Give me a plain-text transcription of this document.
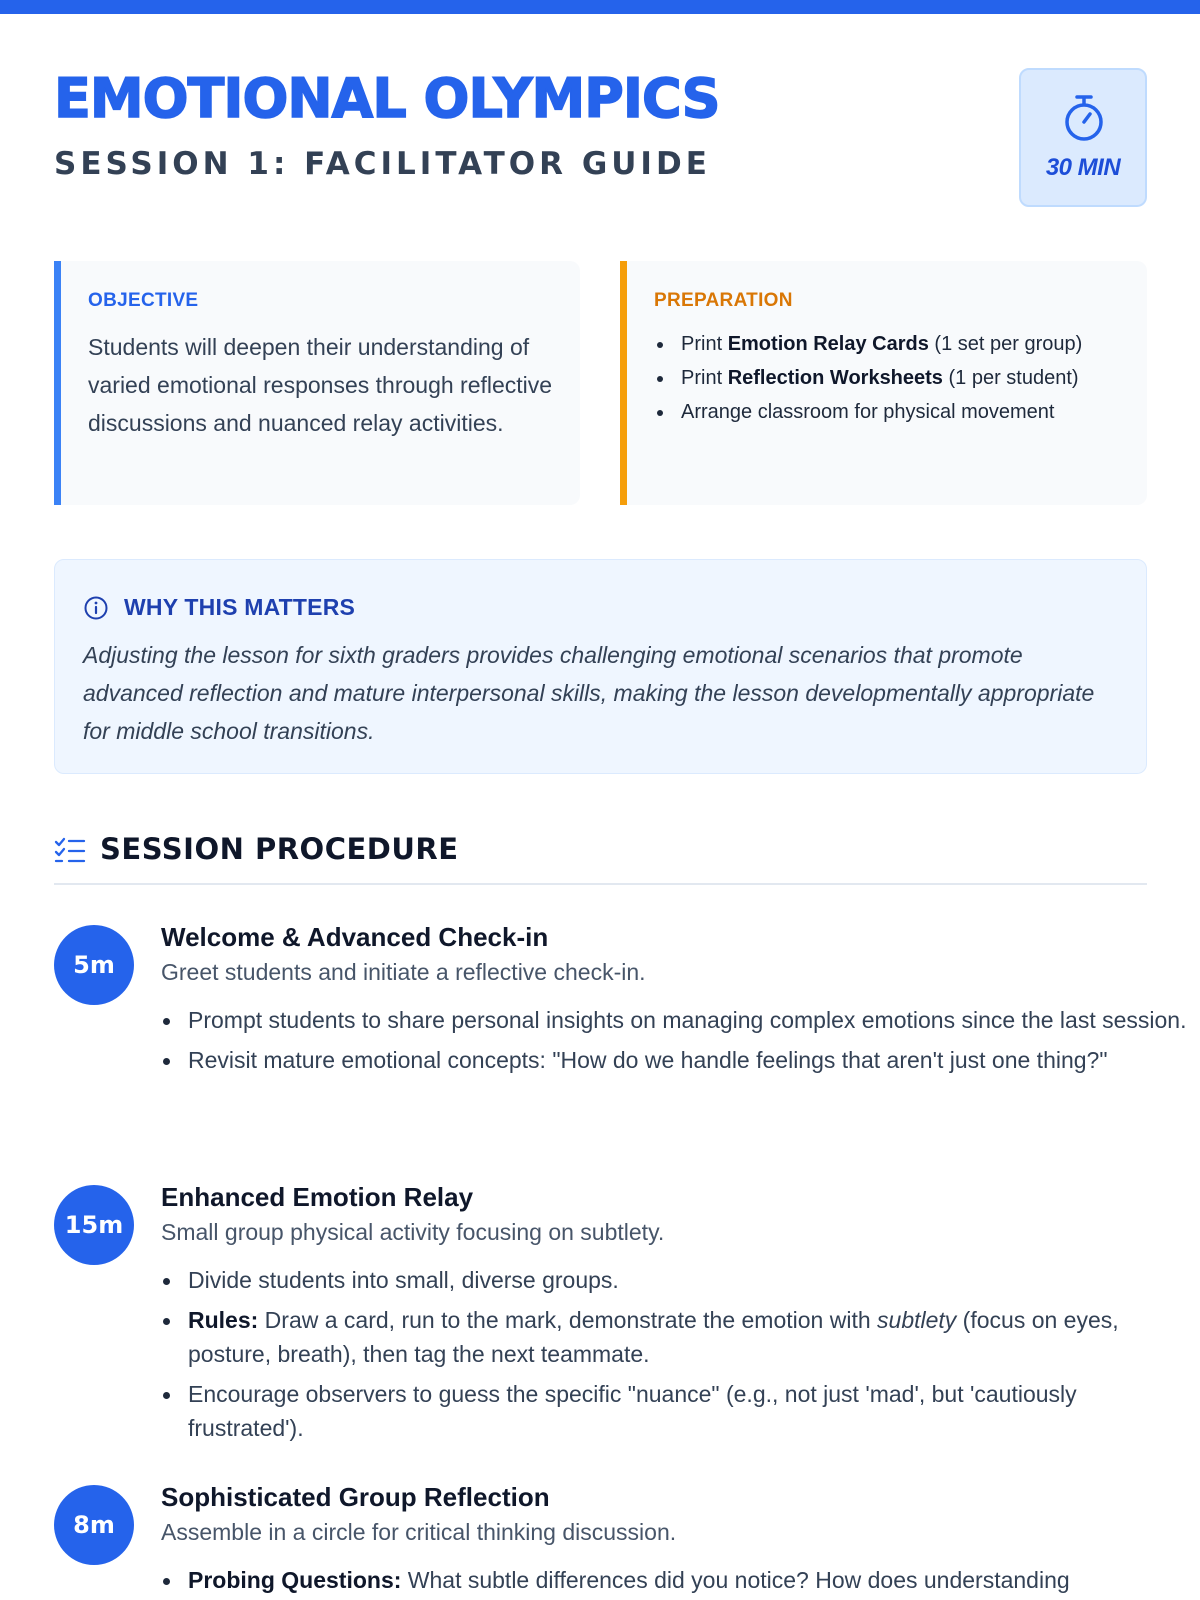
EMOTIONAL OLYMPICS
SESSION 1: FACILITATOR GUIDE	30 MIN
OBJECTIVE

Students will deepen their understanding of varied emotional responses through reflective discussions and nuanced relay activities.

PREPARATION
Print Emotion Relay Cards (1 set per group)
Print Reflection Worksheets (1 per student)
Arrange classroom for physical movement
WHY THIS MATTERS

Adjusting the lesson for sixth graders provides challenging emotional scenarios that promote advanced reflection and mature interpersonal skills, making the lesson developmentally appropriate for middle school transitions.

SESSION PROCEDURE
5m
Welcome & Advanced Check-in
Greet students and initiate a reflective check-in.
Prompt students to share personal insights on managing complex emotions since the last session.
Revisit mature emotional concepts: "How do we handle feelings that aren't just one thing?"
15m
Enhanced Emotion Relay
Small group physical activity focusing on subtlety.
Divide students into small, diverse groups.
Rules: Draw a card, run to the mark, demonstrate the emotion with subtlety (focus on eyes, posture, breath), then tag the next teammate.
Encourage observers to guess the specific "nuance" (e.g., not just 'mad', but 'cautiously frustrated').
8m
Sophisticated Group Reflection
Assemble in a circle for critical thinking discussion.
Probing Questions: What subtle differences did you notice? How does understanding
